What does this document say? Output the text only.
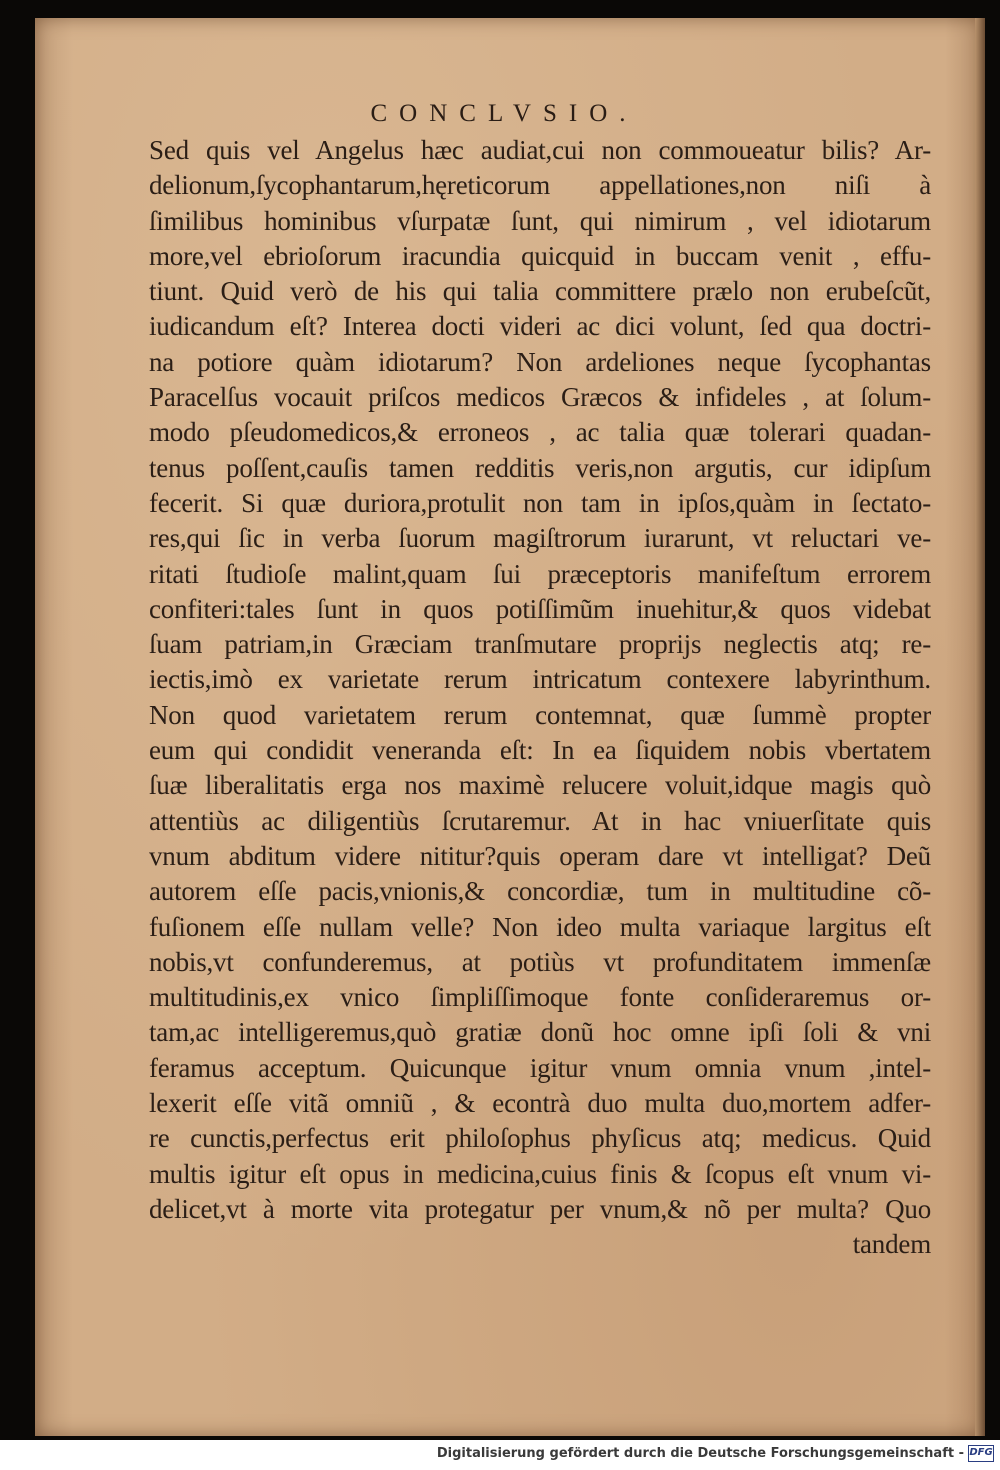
CONCLVSIO.
Sed quis vel Angelus hæc audiat,cui non commoueatur bilis? Ar-
delionum,ſycophantarum,hęreticorum appellationes,non niſi à
ſimilibus hominibus vſurpatæ ſunt, qui nimirum , vel idiotarum
more,vel ebrioſorum iracundia quicquid in buccam venit , effu-
tiunt. Quid verò de his qui talia committere prælo non erubeſcũt,
iudicandum eſt? Interea docti videri ac dici volunt, ſed qua doctri-
na potiore quàm idiotarum? Non ardeliones neque ſycophantas
Paracelſus vocauit priſcos medicos Græcos & infideles , at ſolum-
modo pſeudomedicos,& erroneos , ac talia quæ tolerari quadan-
tenus poſſent,cauſis tamen redditis veris,non argutis, cur idipſum
fecerit. Si quæ duriora,protulit non tam in ipſos,quàm in ſectato-
res,qui ſic in verba ſuorum magiſtrorum iurarunt, vt reluctari ve-
ritati ſtudioſe malint,quam ſui præceptoris manifeſtum errorem
confiteri:tales ſunt in quos potiſſimũm inuehitur,& quos videbat
ſuam patriam,in Græciam tranſmutare proprijs neglectis atq; re-
iectis,imò ex varietate rerum intricatum contexere labyrinthum.
Non quod varietatem rerum contemnat, quæ ſummè propter
eum qui condidit veneranda eſt: In ea ſiquidem nobis vbertatem
ſuæ liberalitatis erga nos maximè relucere voluit,idque magis quò
attentiùs ac diligentiùs ſcrutaremur. At in hac vniuerſitate quis
vnum abditum videre nititur?quis operam dare vt intelligat? Deũ
autorem eſſe pacis,vnionis,& concordiæ, tum in multitudine cõ-
fuſionem eſſe nullam velle? Non ideo multa variaque largitus eſt
nobis,vt confunderemus, at potiùs vt profunditatem immenſæ
multitudinis,ex vnico ſimpliſſimoque fonte conſideraremus or-
tam,ac intelligeremus,quò gratiæ donũ hoc omne ipſi ſoli & vni
feramus acceptum. Quicunque igitur vnum omnia vnum ,intel-
lexerit eſſe vitã omniũ , & econtrà duo multa duo,mortem adfer-
re cunctis,perfectus erit philoſophus phyſicus atq; medicus. Quid
multis igitur eſt opus in medicina,cuius finis & ſcopus eſt vnum vi-
delicet,vt à morte vita protegatur per vnum,& nõ per multa? Quo
tandem
Digitalisierung gefördert durch die Deutsche Forschungsgemeinschaft - DFG
